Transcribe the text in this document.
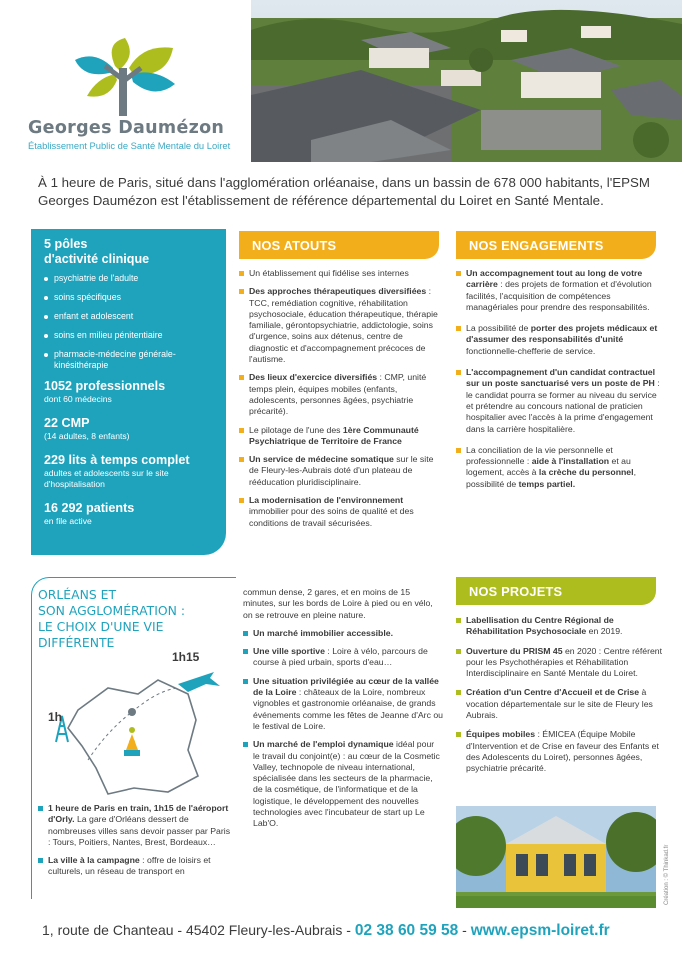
Georges Daumézon
Établissement Public de Santé Mentale du Loiret
À 1 heure de Paris, situé dans l'agglomération orléanaise, dans un bassin de 678 000 habitants, l'EPSM Georges Daumézon est l'établissement de référence départemental du Loiret en Santé Mentale.
5 pôles
d'activité clinique
psychiatrie de l'adulte
soins spécifiques
enfant et adolescent
soins en milieu pénitentiaire
pharmacie-médecine générale-kinésithérapie
1052 professionnels
dont 60 médecins
22 CMP
(14 adultes, 8 enfants)
229 lits à temps complet
adultes et adolescents sur le site d'hospitalisation
16 292 patients
en file active
NOS ATOUTS
Un établissement qui fidélise ses internes
Des approches thérapeutiques diversifiées : TCC, remédiation cognitive, réhabilitation psychosociale, éducation thérapeutique, thérapie familiale, gérontopsychiatrie, addictologie, soins d'urgence, soins aux détenus, centre de diagnostic et d'accompagnement précoces de l'autisme.
Des lieux d'exercice diversifiés : CMP, unité temps plein, équipes mobiles (enfants, adolescents, personnes âgées, psychiatrie précarité).
Le pilotage de l'une des 1ère Communauté Psychiatrique de Territoire de France
Un service de médecine somatique sur le site de Fleury-les-Aubrais doté d'un plateau de rééducation pluridisciplinaire.
La modernisation de l'environnement immobilier pour des soins de qualité et des conditions de travail sécurisées.
NOS ENGAGEMENTS
Un accompagnement tout au long de votre carrière : des projets de formation et d'évolution facilités, l'acquisition de compétences managériales pour prendre des responsabilités.
La possibilité de porter des projets médicaux et d'assumer des responsabilités d'unité fonctionnelle-chefferie de service.
L'accompagnement d'un candidat contractuel sur un poste sanctuarisé vers un poste de PH : le candidat pourra se former au niveau du service et prétendre au concours national de praticien hospitalier avec l'accès à la prime d'engagement dans la carrière hospitalière.
La conciliation de la vie personnelle et professionnelle : aide à l'installation et au logement, accès à la crèche du personnel, possibilité de temps partiel.
ORLÉANS ET
SON AGGLOMÉRATION :
LE CHOIX D'UNE VIE
DIFFÉRENTE
1h15
1h
1 heure de Paris en train, 1h15 de l'aéroport d'Orly. La gare d'Orléans dessert de nombreuses villes sans devoir passer par Paris : Tours, Poitiers, Nantes, Brest, Bordeaux…
La ville à la campagne : offre de loisirs et culturels, un réseau de transport en
commun dense, 2 gares, et en moins de 15 minutes, sur les bords de Loire à pied ou en vélo, on se retrouve en pleine nature.
Un marché immobilier accessible.
Une ville sportive : Loire à vélo, parcours de course à pied urbain, sports d'eau…
Une situation privilégiée au cœur de la vallée de la Loire : châteaux de la Loire, nombreux vignobles et gastronomie orléanaise, de grands événements comme les fêtes de Jeanne d'Arc ou le festival de Loire.
Un marché de l'emploi dynamique idéal pour le travail du conjoint(e) : au cœur de la Cosmetic Valley, technopole de niveau international, spécialisée dans les secteurs de la pharmacie, de la cosmétique, de l'informatique et de la logistique, le développement des nouvelles technologies avec l'incubateur de start up Le Lab'O.
NOS PROJETS
Labellisation du Centre Régional de Réhabilitation Psychosociale en 2019.
Ouverture du PRISM 45 en 2020 : Centre référent pour les Psychothérapies et Réhabilitation Interdisciplinaire en Santé Mentale du Loiret.
Création d'un Centre d'Accueil et de Crise à vocation départementale sur le site de Fleury les Aubrais.
Équipes mobiles : ÉMICEA (Équipe Mobile d'Intervention et de Crise en faveur des Enfants et des Adolescents du Loiret), personnes âgées, psychiatrie précarité.
Création : © Thinkad.fr
1, route de Chanteau - 45402 Fleury-les-Aubrais - 02 38 60 59 58 - www.epsm-loiret.fr
